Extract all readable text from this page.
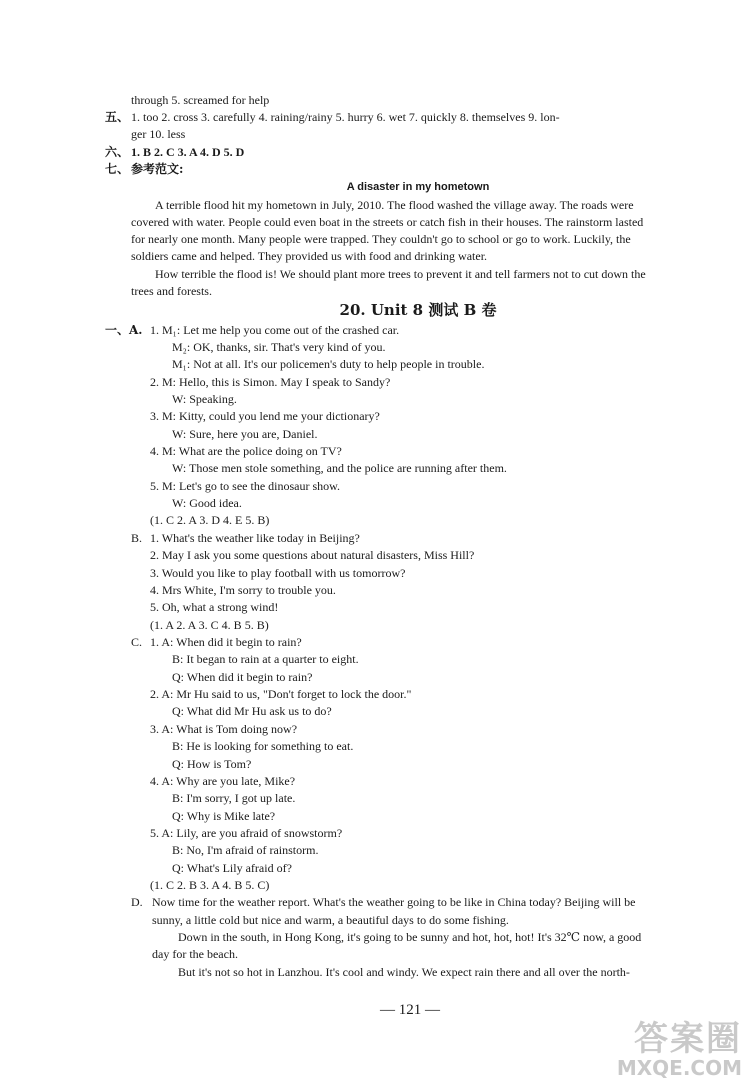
through 5. screamed for help
五、 1. too 2. cross 3. carefully 4. raining/rainy 5. hurry 6. wet 7. quickly 8. themselves 9. lon-
ger 10. less
六、 1. B 2. C 3. A 4. D 5. D
七、 参考范文:
A disaster in my hometown
A terrible flood hit my hometown in July, 2010. The flood washed the village away. The roads were
covered with water. People could even boat in the streets or catch fish in their houses. The rainstorm lasted
for nearly one month. Many people were trapped. They couldn't go to school or go to work. Luckily, the
soldiers came and helped. They provided us with food and drinking water.
How terrible the flood is! We should plant more trees to prevent it and tell farmers not to cut down the
trees and forests.
20. Unit 8 测试 B 卷
一、A. 1. M₁: Let me help you come out of the crashed car.
M₂: OK, thanks, sir. That's very kind of you.
M₁: Not at all. It's our policemen's duty to help people in trouble.
2. M: Hello, this is Simon. May I speak to Sandy?
W: Speaking.
3. M: Kitty, could you lend me your dictionary?
W: Sure, here you are, Daniel.
4. M: What are the police doing on TV?
W: Those men stole something, and the police are running after them.
5. M: Let's go to see the dinosaur show.
W: Good idea.
(1. C 2. A 3. D 4. E 5. B)
B. 1. What's the weather like today in Beijing?
2. May I ask you some questions about natural disasters, Miss Hill?
3. Would you like to play football with us tomorrow?
4. Mrs White, I'm sorry to trouble you.
5. Oh, what a strong wind!
(1. A 2. A 3. C 4. B 5. B)
C. 1. A: When did it begin to rain?
B: It began to rain at a quarter to eight.
Q: When did it begin to rain?
2. A: Mr Hu said to us, "Don't forget to lock the door."
Q: What did Mr Hu ask us to do?
3. A: What is Tom doing now?
B: He is looking for something to eat.
Q: How is Tom?
4. A: Why are you late, Mike?
B: I'm sorry, I got up late.
Q: Why is Mike late?
5. A: Lily, are you afraid of snowstorm?
B: No, I'm afraid of rainstorm.
Q: What's Lily afraid of?
(1. C 2. B 3. A 4. B 5. C)
D. Now time for the weather report. What's the weather going to be like in China today? Beijing will be
sunny, a little cold but nice and warm, a beautiful days to do some fishing.
Down in the south, in Hong Kong, it's going to be sunny and hot, hot, hot! It's 32℃ now, a good
day for the beach.
But it's not so hot in Lanzhou. It's cool and windy. We expect rain there and all over the north-
— 121 —
答案圈
MXQE.COM
